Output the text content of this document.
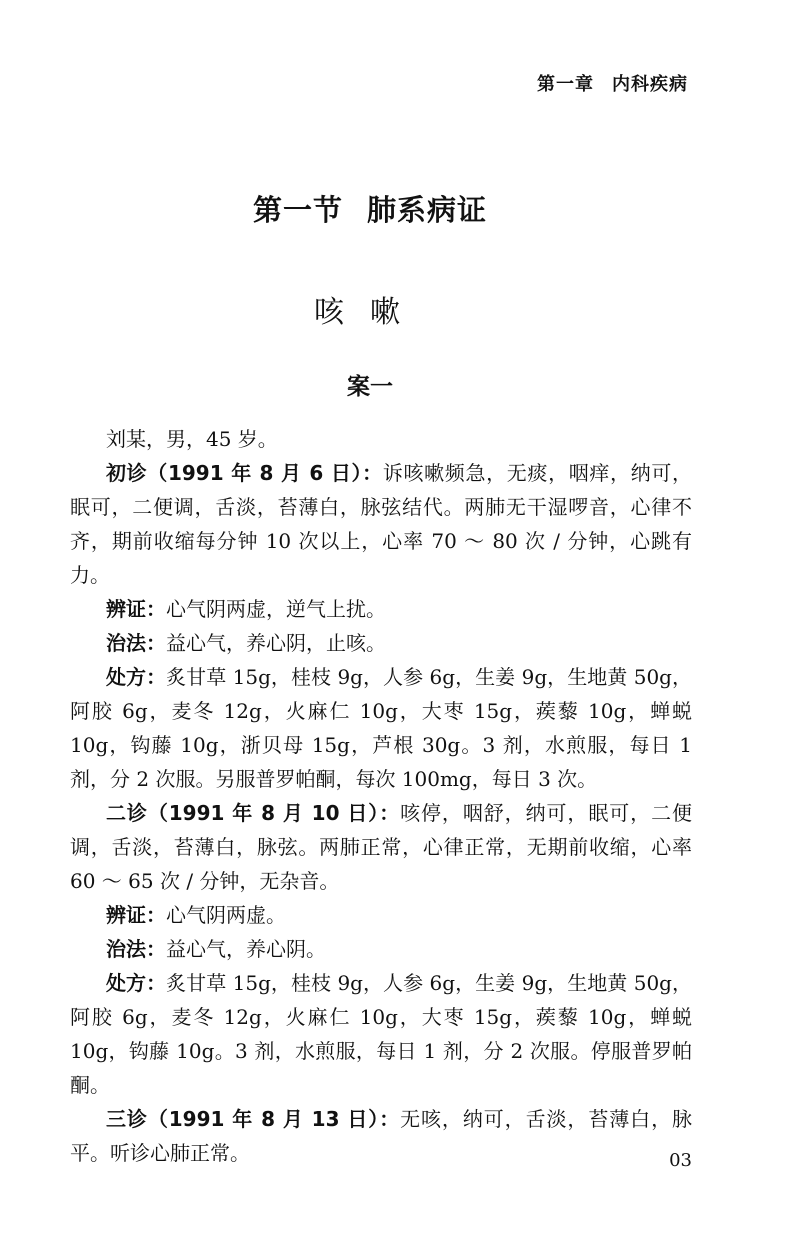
第一章 内科疾病
第一节 肺系病证
咳嗽
案一

刘某，男，45 岁。

初诊（1991 年 8 月 6 日）：诉咳嗽频急，无痰，咽痒，纳可，眠可，二便调，舌淡，苔薄白，脉弦结代。两肺无干湿啰音，心律不齐，期前收缩每分钟 10 次以上，心率 70 ～ 80 次 / 分钟，心跳有力。

辨证：心气阴两虚，逆气上扰。

治法：益心气，养心阴，止咳。

处方：炙甘草 15g，桂枝 9g，人参 6g，生姜 9g，生地黄 50g，阿胶 6g，麦冬 12g，火麻仁 10g，大枣 15g，蒺藜 10g，蝉蜕 10g，钩藤 10g，浙贝母 15g，芦根 30g。3 剂，水煎服，每日 1 剂，分 2 次服。另服普罗帕酮，每次 100mg，每日 3 次。

二诊（1991 年 8 月 10 日）：咳停，咽舒，纳可，眠可，二便调，舌淡，苔薄白，脉弦。两肺正常，心律正常，无期前收缩，心率 60 ～ 65 次 / 分钟，无杂音。

辨证：心气阴两虚。

治法：益心气，养心阴。

处方：炙甘草 15g，桂枝 9g，人参 6g，生姜 9g，生地黄 50g，阿胶 6g，麦冬 12g，火麻仁 10g，大枣 15g，蒺藜 10g，蝉蜕 10g，钩藤 10g。3 剂，水煎服，每日 1 剂，分 2 次服。停服普罗帕酮。

三诊（1991 年 8 月 13 日）：无咳，纳可，舌淡，苔薄白，脉平。听诊心肺正常。	03
